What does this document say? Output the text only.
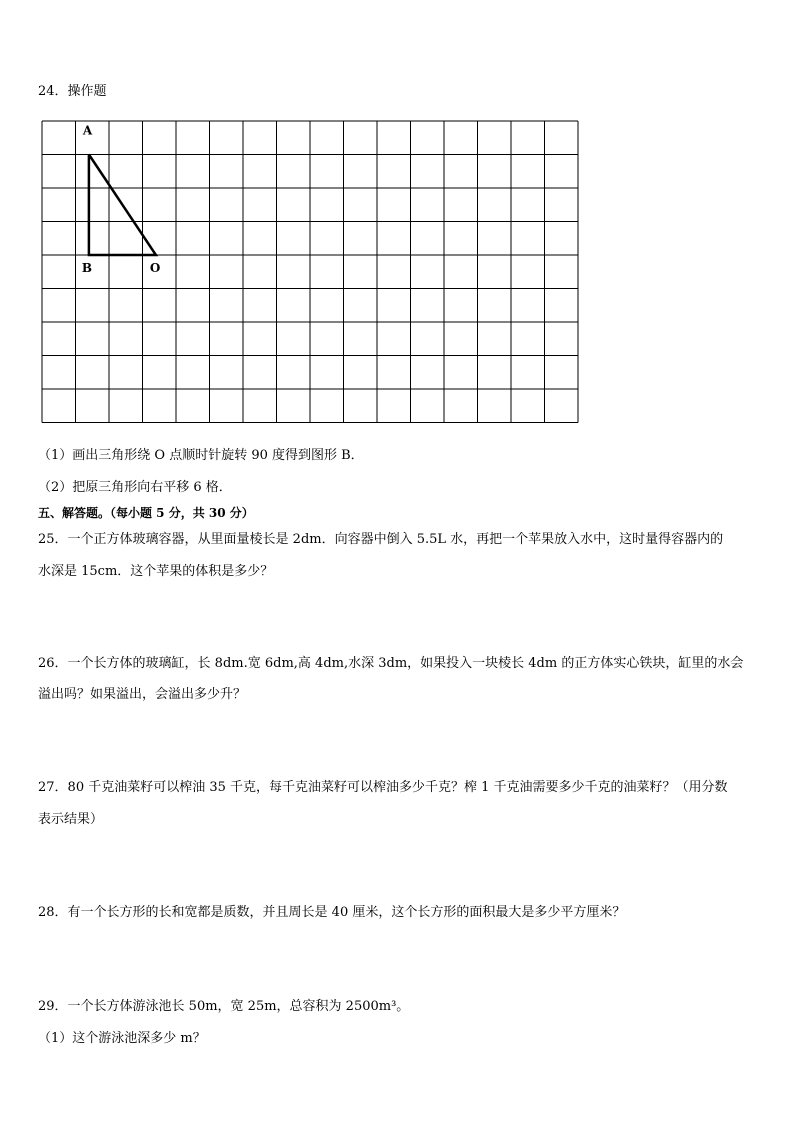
24．操作题
A
B	O
（1）画出三角形绕 O 点顺时针旋转 90 度得到图形 B．
（2）把原三角形向右平移 6 格．
五、解答题。（每小题 5 分，共 30 分）
25．一个正方体玻璃容器，从里面量棱长是 2dm．向容器中倒入 5.5L 水，再把一个苹果放入水中，这时量得容器内的
水深是 15cm．这个苹果的体积是多少？
26．一个长方体的玻璃缸，长 8dm.宽 6dm,高 4dm,水深 3dm，如果投入一块棱长 4dm 的正方体实心铁块，缸里的水会
溢出吗？如果溢出，会溢出多少升？
27．80 千克油菜籽可以榨油 35 千克，每千克油菜籽可以榨油多少千克？榨 1 千克油需要多少千克的油菜籽？（用分数
表示结果）
28．有一个长方形的长和宽都是质数，并且周长是 40 厘米，这个长方形的面积最大是多少平方厘米？
29．一个长方体游泳池长 50m，宽 25m，总容积为 2500m³。
（1）这个游泳池深多少 m？
